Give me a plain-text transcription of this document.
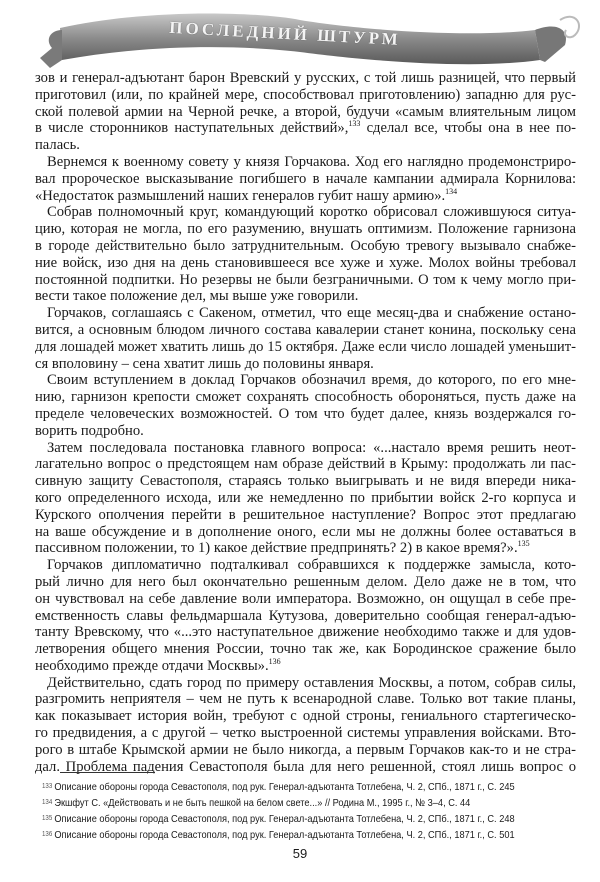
ПОСЛЕДНИЙ ШТУРМ
зов и генерал-адъютант барон Вревский у русских, с той лишь разницей, что первый
приготовил (или, по крайней мере, способствовал приготовлению) западню для рус-
ской полевой армии на Черной речке, а второй, будучи «самым влиятельным лицом
в числе сторонников наступательных действий»,$^{133}$ сделал все, чтобы она в нее по-
палась.
Вернемся к военному совету у князя Горчакова. Ход его наглядно продемонстриро-
вал пророческое высказывание погибшего в начале кампании адмирала Корнилова:
«Недостаток размышлений наших генералов губит нашу армию».$^{134}$
Собрав полномочный круг, командующий коротко обрисовал сложившуюся ситуа-
цию, которая не могла, по его разумению, внушать оптимизм. Положение гарнизона
в городе действительно было затруднительным. Особую тревогу вызывало снабже-
ние войск, изо дня на день становившееся все хуже и хуже. Молох войны требовал
постоянной подпитки. Но резервы не были безграничными. О том к чему могло при-
вести такое положение дел, мы выше уже говорили.
Горчаков, соглашаясь с Сакеном, отметил, что еще месяц-два и снабжение остано-
вится, а основным блюдом личного состава кавалерии станет конина, поскольку сена
для лошадей может хватить лишь до 15 октября. Даже если число лошадей уменьшит-
ся вполовину – сена хватит лишь до половины января.
Своим вступлением в доклад Горчаков обозначил время, до которого, по его мне-
нию, гарнизон крепости сможет сохранять способность обороняться, пусть даже на
пределе человеческих возможностей. О том что будет далее, князь воздержался го-
ворить подробно.
Затем последовала постановка главного вопроса: «...настало время решить неот-
лагательно вопрос о предстоящем нам образе действий в Крыму: продолжать ли пас-
сивную защиту Севастополя, стараясь только выигрывать и не видя впереди ника-
кого определенного исхода, или же немедленно по прибытии войск 2-го корпуса и
Курского ополчения перейти в решительное наступление? Вопрос этот предлагаю
на ваше обсуждение и в дополнение оного, если мы не должны более оставаться в
пассивном положении, то 1) какое действие предпринять? 2) в какое время?».$^{135}$
Горчаков дипломатично подталкивал собравшихся к поддержке замысла, кото-
рый лично для него был окончательно решенным делом. Дело даже не в том, что
он чувствовал на себе давление воли императора. Возможно, он ощущал в себе пре-
емственность славы фельдмаршала Кутузова, доверительно сообщая генерал-адъю-
танту Вревскому, что «...это наступательное движение необходимо также и для удов-
летворения общего мнения России, точно так же, как Бородинское сражение было
необходимо прежде отдачи Москвы».$^{136}$
Действительно, сдать город по примеру оставления Москвы, а потом, собрав силы,
разгромить неприятеля – чем не путь к всенародной славе. Только вот такие планы,
как показывает история войн, требуют с одной строны, гениального стартегическо-
го предвидения, а с другой – четко выстроенной системы управления войсками. Вто-
рого в штабе Крымской армии не было никогда, а первым Горчаков как-то и не стра-
дал. Проблема падения Севастополя была для него решенной, стоял лишь вопрос о
133 Описание обороны города Севастополя, под рук. Генерал-адъютанта Тотлебена, Ч. 2, СПб., 1871 г., С. 245
134 Экшфут С. «Действовать и не быть пешкой на белом свете...» // Родина М., 1995 г., № 3–4, С. 44
135 Описание обороны города Севастополя, под рук. Генерал-адъютанта Тотлебена, Ч. 2, СПб., 1871 г., С. 248
136 Описание обороны города Севастополя, под рук. Генерал-адъютанта Тотлебена, Ч. 2, СПб., 1871 г., С. 501
59
